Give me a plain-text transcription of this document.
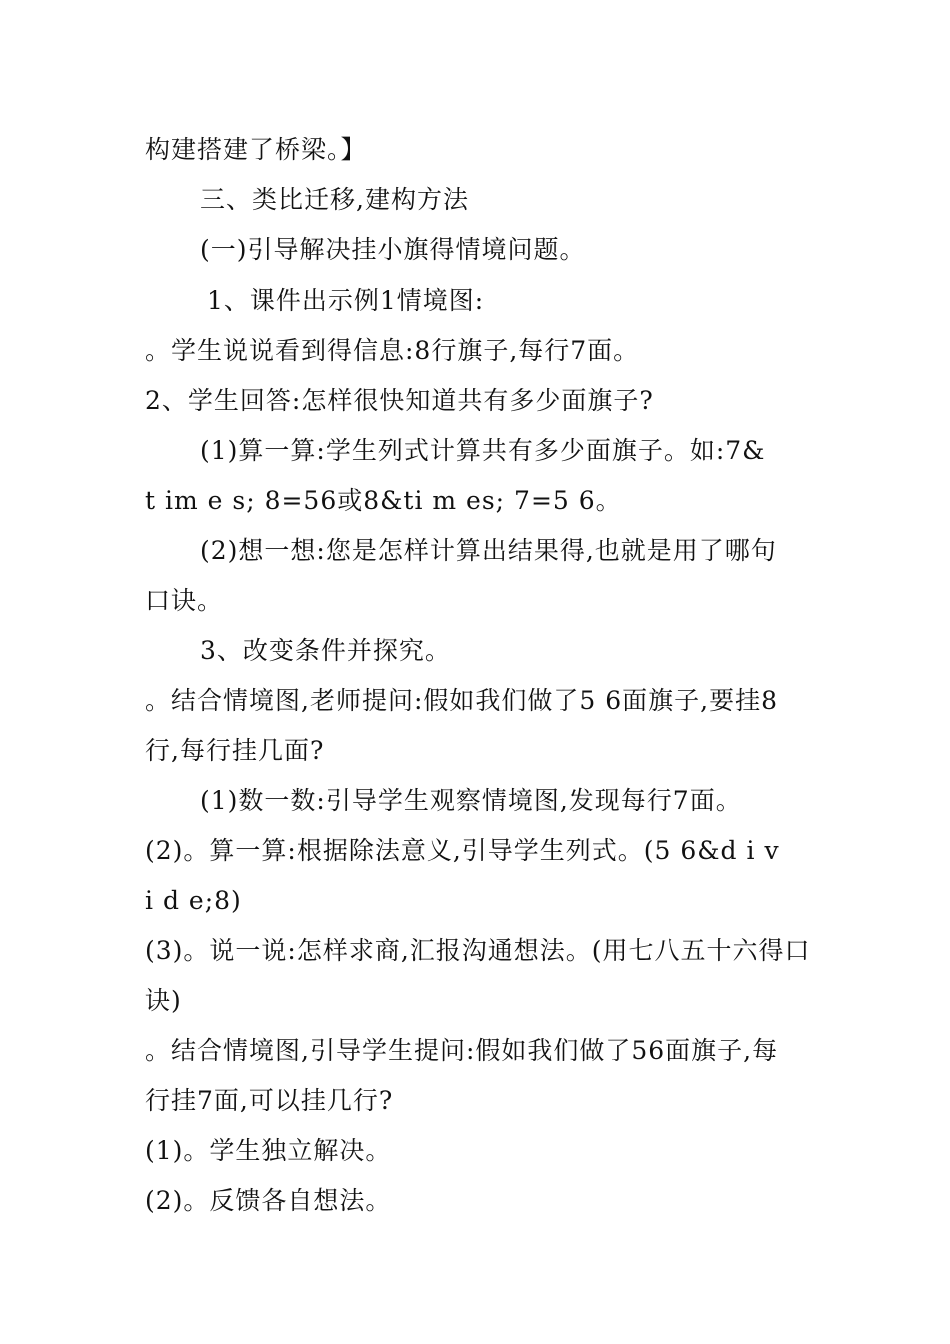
构建搭建了桥梁。】
三、类比迁移,建构方法
(一)引导解决挂小旗得情境问题。
1、课件出示例1情境图:
。学生说说看到得信息:8行旗子,每行7面。
2、学生回答:怎样很快知道共有多少面旗子?
(1)算一算:学生列式计算共有多少面旗子。如:7&
t im e s; 8=56或8&ti m es; 7=5 6。
(2)想一想:您是怎样计算出结果得,也就是用了哪句
口诀。
3、改变条件并探究。
。结合情境图,老师提问:假如我们做了5 6面旗子,要挂8
行,每行挂几面?
(1)数一数:引导学生观察情境图,发现每行7面。
(2)。算一算:根据除法意义,引导学生列式。(5 6&d i v
i d e;8)
(3)。说一说:怎样求商,汇报沟通想法。(用七八五十六得口
诀)
。结合情境图,引导学生提问:假如我们做了56面旗子,每
行挂7面,可以挂几行?
(1)。学生独立解决。
(2)。反馈各自想法。
